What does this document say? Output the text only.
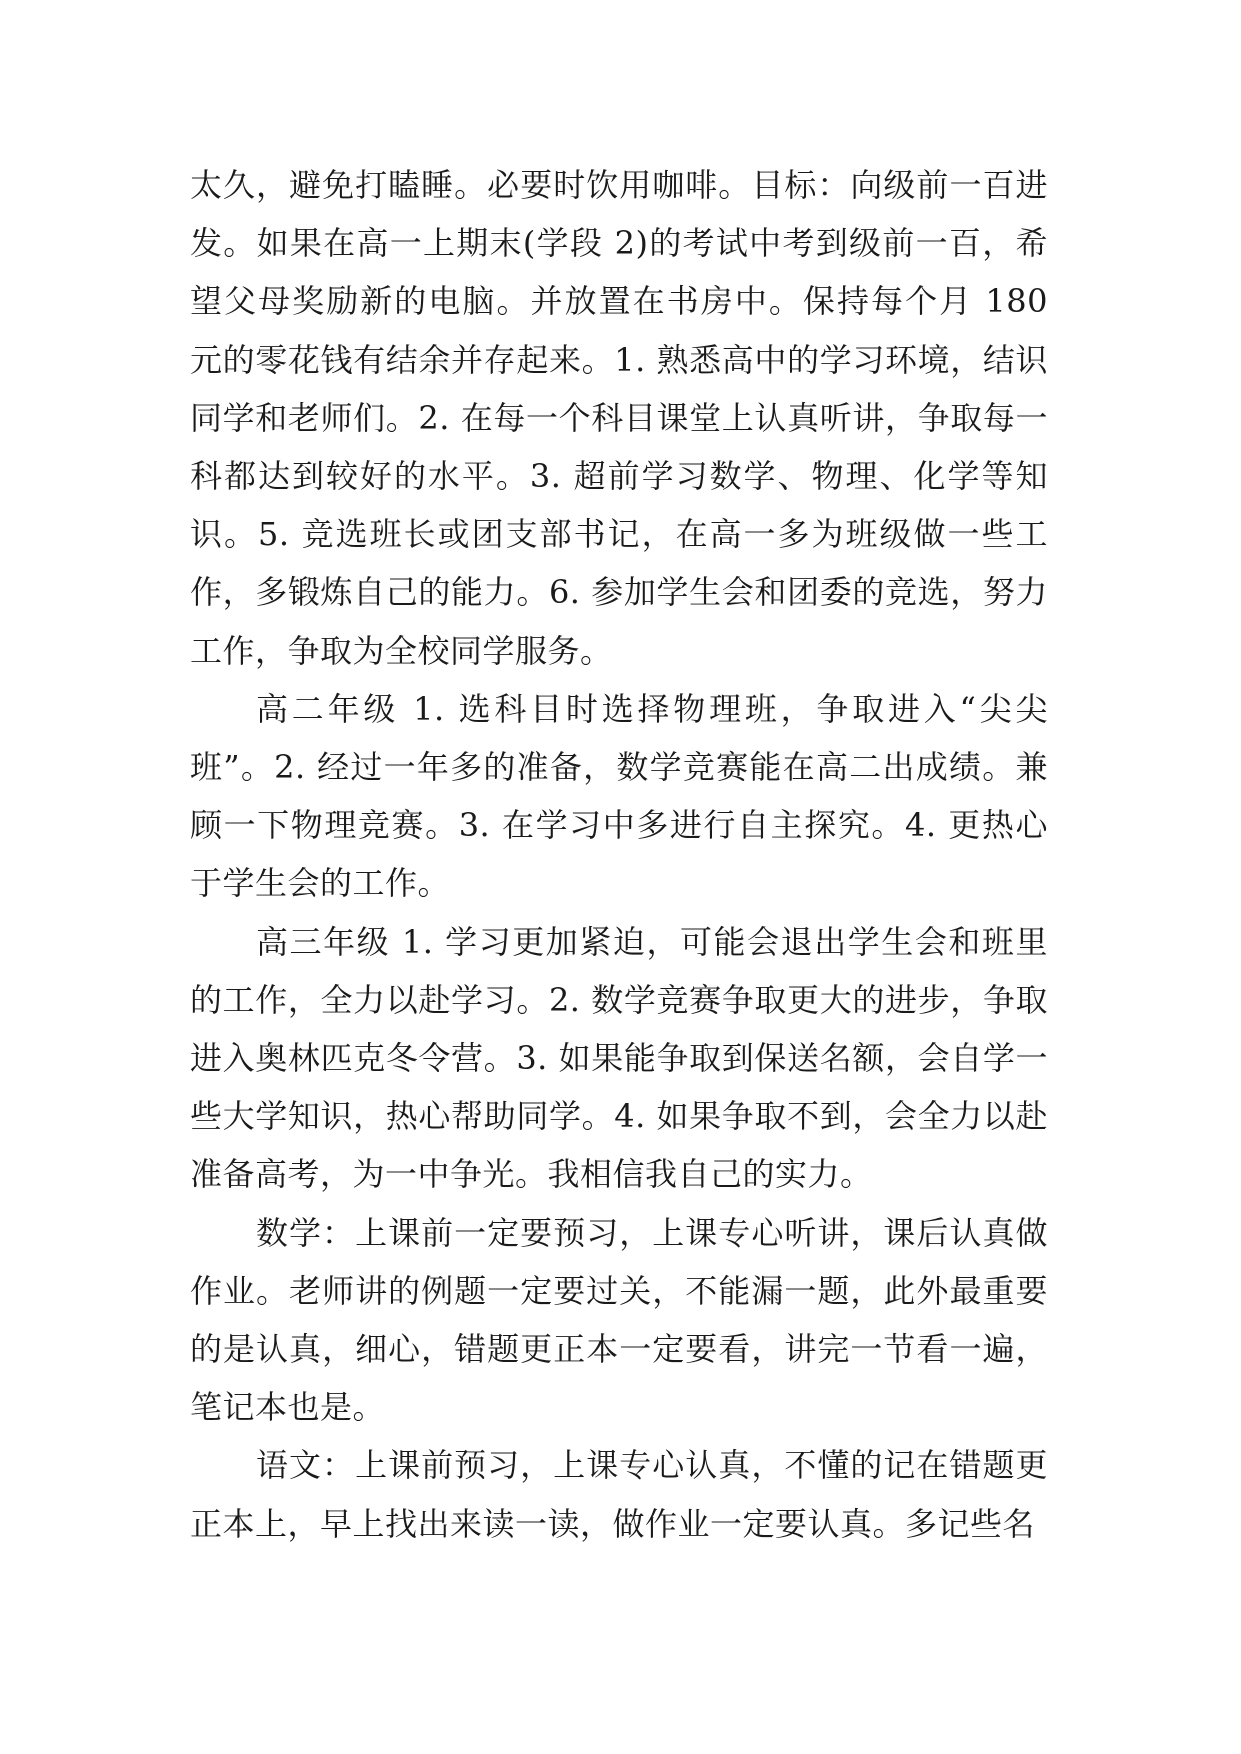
太久，避免打瞌睡。必要时饮用咖啡。目标：向级前一百进发。如果在高一上期末(学段 2)的考试中考到级前一百，希望父母奖励新的电脑。并放置在书房中。保持每个月 180 元的零花钱有结余并存起来。1. 熟悉高中的学习环境，结识同学和老师们。2. 在每一个科目课堂上认真听讲，争取每一科都达到较好的水平。3. 超前学习数学、物理、化学等知识。5. 竞选班长或团支部书记，在高一多为班级做一些工作，多锻炼自己的能力。6. 参加学生会和团委的竞选，努力工作，争取为全校同学服务。

高二年级 1. 选科目时选择物理班，争取进入“尖尖班”。2. 经过一年多的准备，数学竞赛能在高二出成绩。兼顾一下物理竞赛。3. 在学习中多进行自主探究。4. 更热心于学生会的工作。

高三年级 1. 学习更加紧迫，可能会退出学生会和班里的工作，全力以赴学习。2. 数学竞赛争取更大的进步，争取进入奥林匹克冬令营。3. 如果能争取到保送名额，会自学一些大学知识，热心帮助同学。4. 如果争取不到，会全力以赴准备高考，为一中争光。我相信我自己的实力。

数学：上课前一定要预习，上课专心听讲，课后认真做作业。老师讲的例题一定要过关，不能漏一题，此外最重要的是认真，细心，错题更正本一定要看，讲完一节看一遍，笔记本也是。

语文：上课前预习，上课专心认真，不懂的记在错题更正本上，早上找出来读一读，做作业一定要认真。多记些名
